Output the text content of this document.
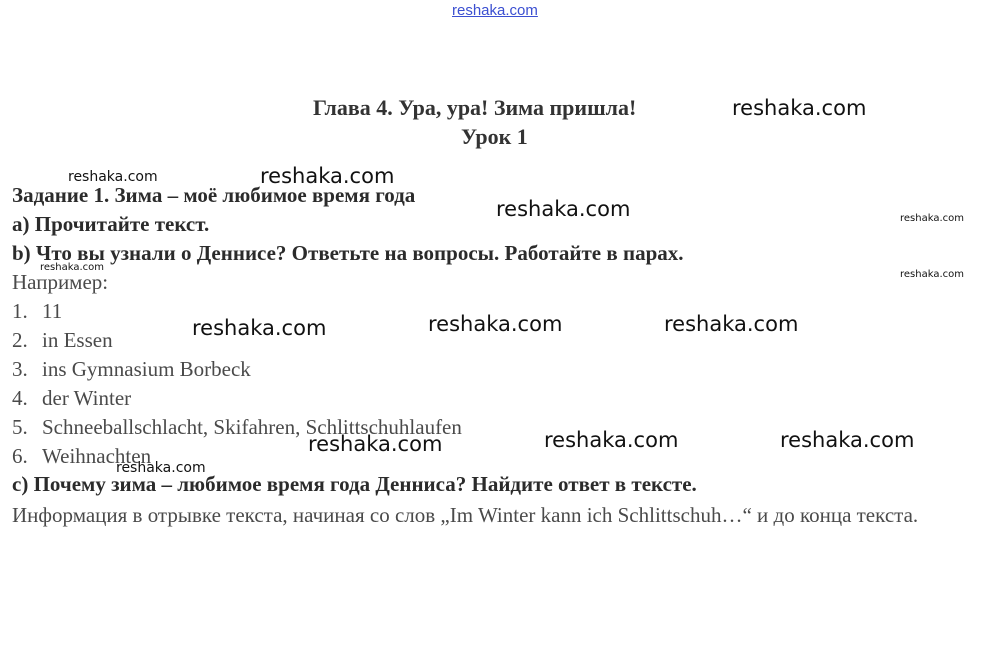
reshaka.com
Глава 4. Ура, ура! Зима пришла!
Урок 1
Задание 1. Зима – моё любимое время года
а) Прочитайте текст.
b) Что вы узнали о Деннисе? Ответьте на вопросы. Работайте в парах.
Например:
1. 11
2. in Essen
3. ins Gymnasium Borbeck
4. der Winter
5. Schneeballschlacht, Skifahren, Schlittschuhlaufen
6. Weihnachten
с) Почему зима – любимое время года Денниса? Найдите ответ в тексте.
Информация в отрывке текста, начиная со слов „Im Winter kann ich Schlittschuh…“ и до конца текста.
reshaka.com
reshaka.com
reshaka.com
reshaka.com	reshaka.com
reshaka.com
reshaka.com
reshaka.com	reshaka.com	reshaka.com
reshaka.com	reshaka.com	reshaka.com
reshaka.com
